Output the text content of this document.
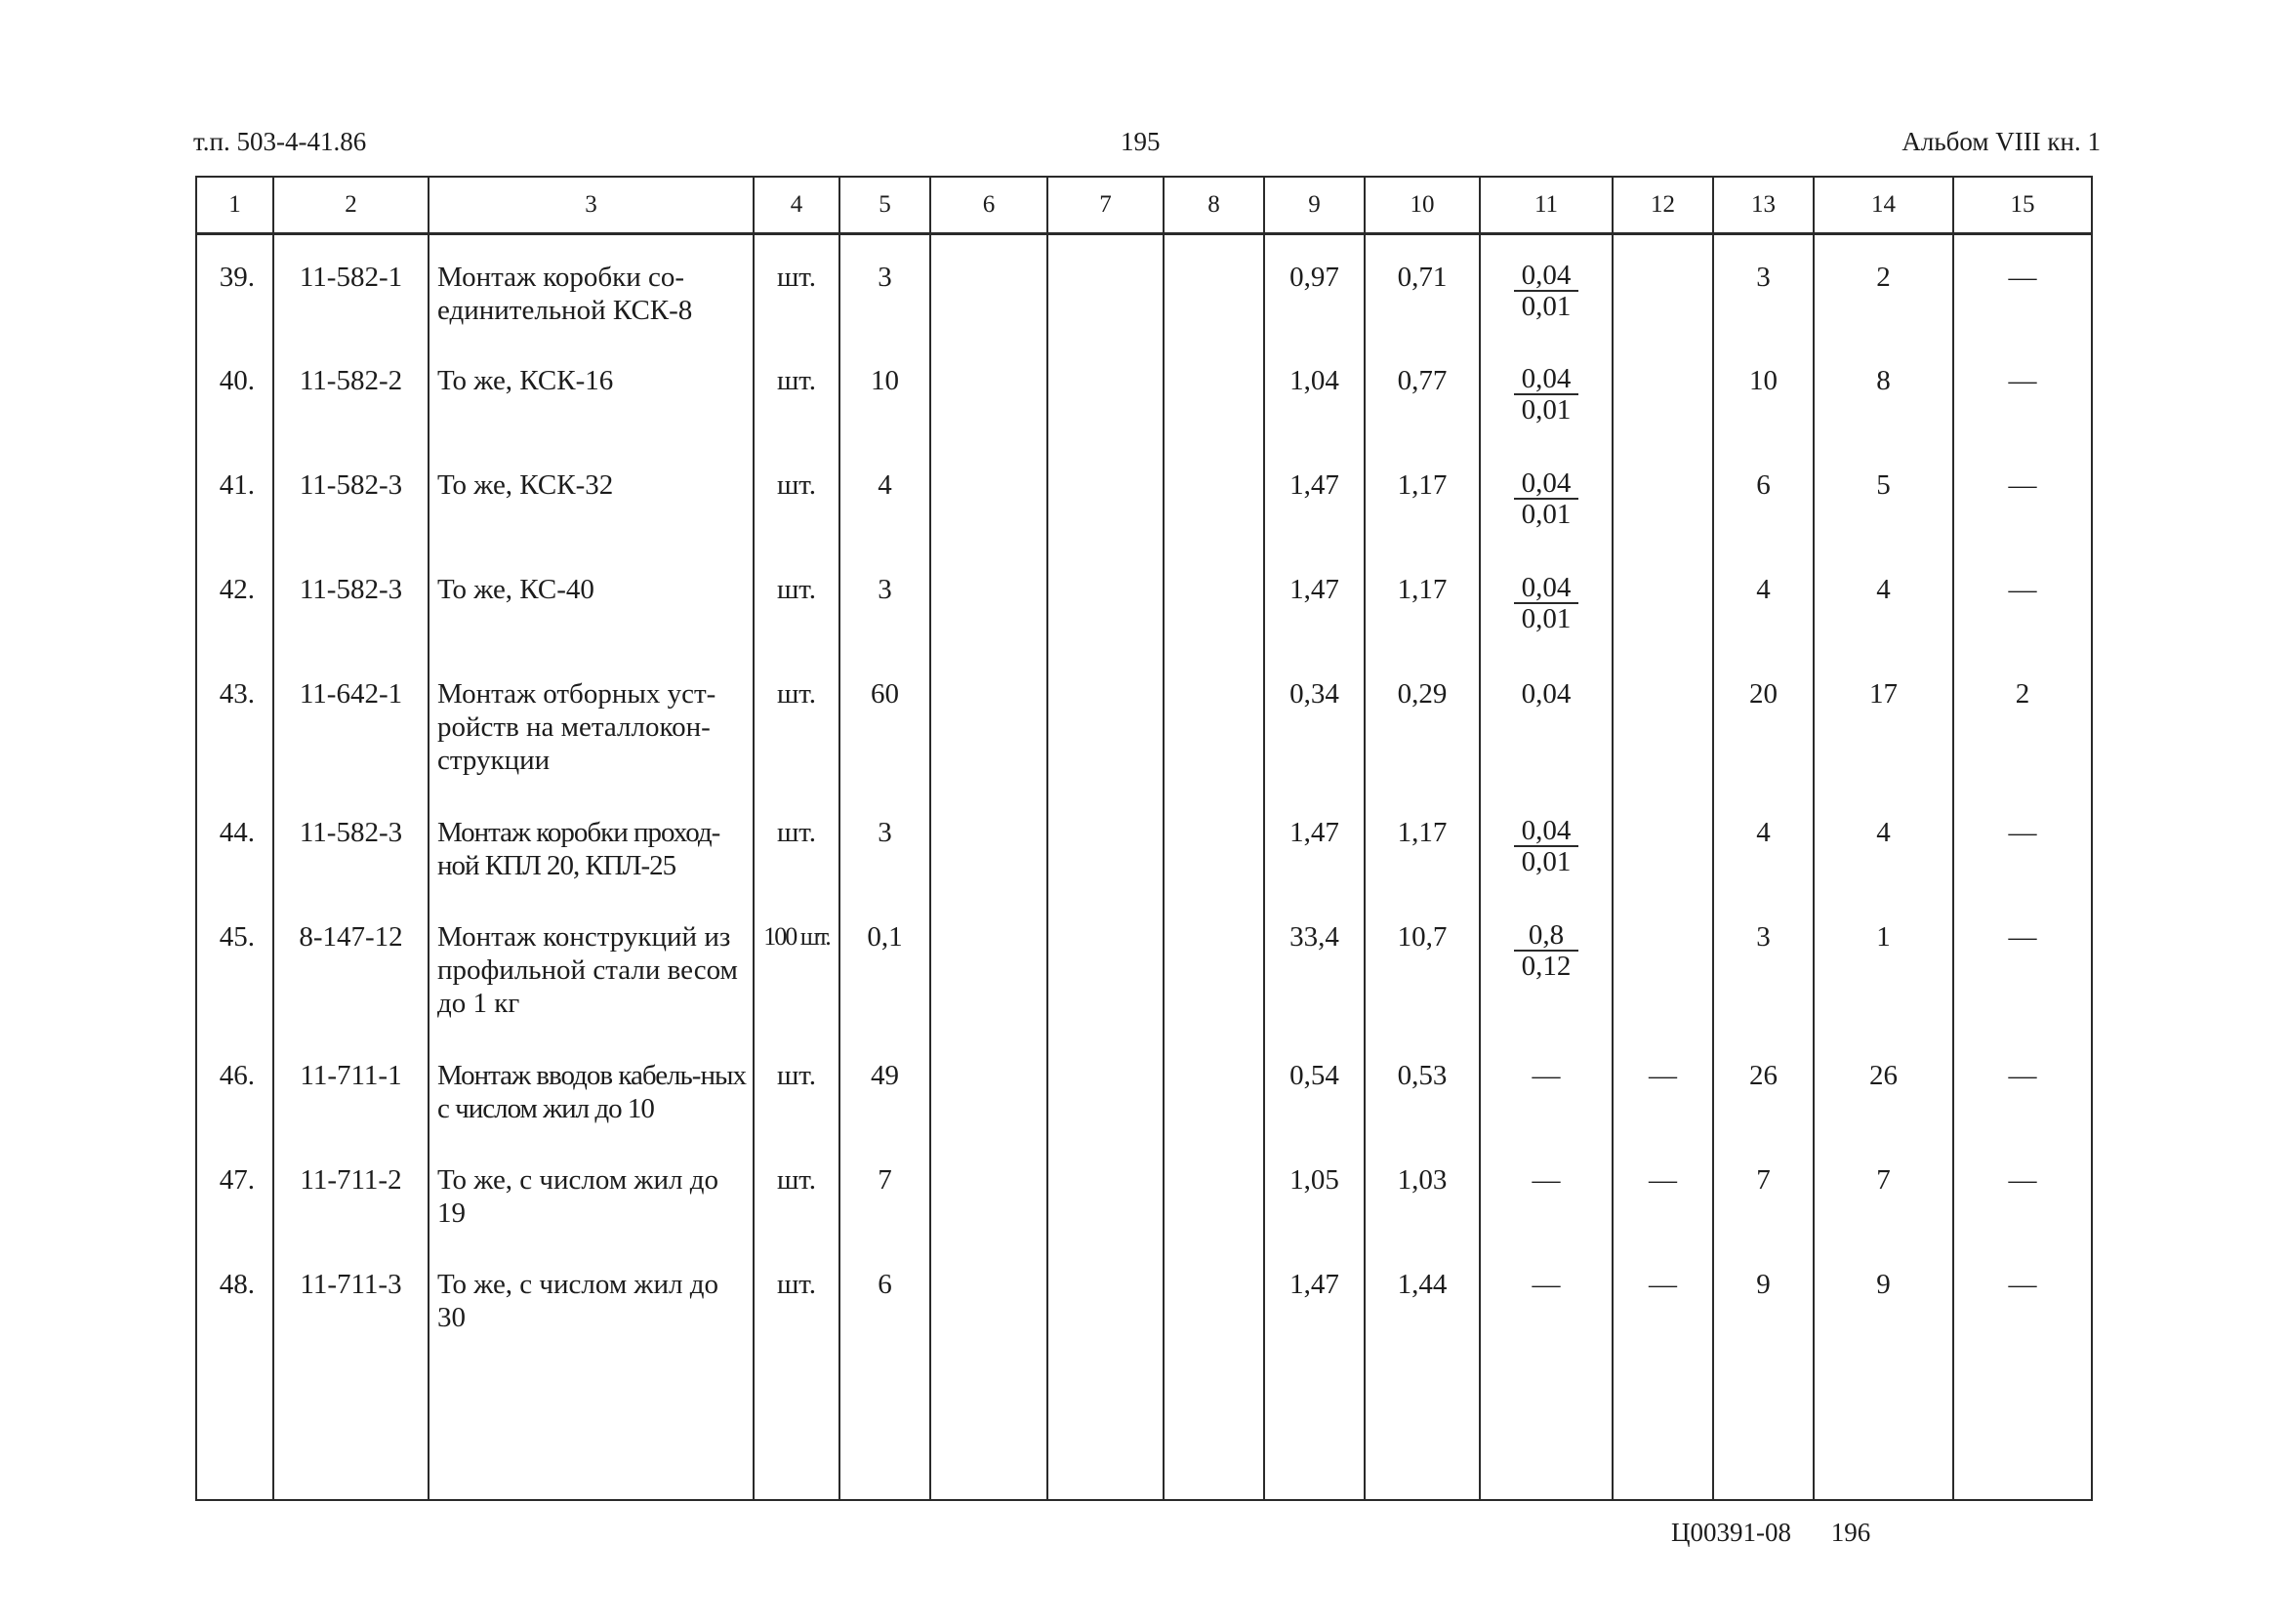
т.п. 503-4-41.86	195	Альбом VIII кн. 1
1	2	3	4	5	6	7	8	9	10	11	12	13	14	15
39.	11-582-1	Монтаж коробки со-единительной КСК-8	шт.	3				0,97	0,71	$\frac{0,04}{0,01}$		3	2	—
40.	11-582-2	То же, КСК-16	шт.	10				1,04	0,77	$\frac{0,04}{0,01}$		10	8	—
41.	11-582-3	То же, КСК-32	шт.	4				1,47	1,17	$\frac{0,04}{0,01}$		6	5	—
42.	11-582-3	То же, КС-40	шт.	3				1,47	1,17	$\frac{0,04}{0,01}$		4	4	—
43.	11-642-1	Монтаж отборных уст-ройств на металлокон-струкции	шт.	60				0,34	0,29	0,04		20	17	2
44.	11-582-3	Монтаж коробки проход-ной КПЛ 20, КПЛ-25	шт.	3				1,47	1,17	$\frac{0,04}{0,01}$		4	4	—
45.	8-147-12	Монтаж конструкций из профильной стали весом до 1 кг	100 шт.	0,1				33,4	10,7	$\frac{0,8}{0,12}$		3	1	—
46.	11-711-1	Монтаж вводов кабель-ных с числом жил до 10	шт.	49				0,54	0,53	—	—	26	26	—
47.	11-711-2	То же, с числом жил до 19	шт.	7				1,05	1,03	—	—	7	7	—
48.	11-711-3	То же, с числом жил до 30	шт.	6				1,47	1,44	—	—	9	9	—

Ц00391-08 196
